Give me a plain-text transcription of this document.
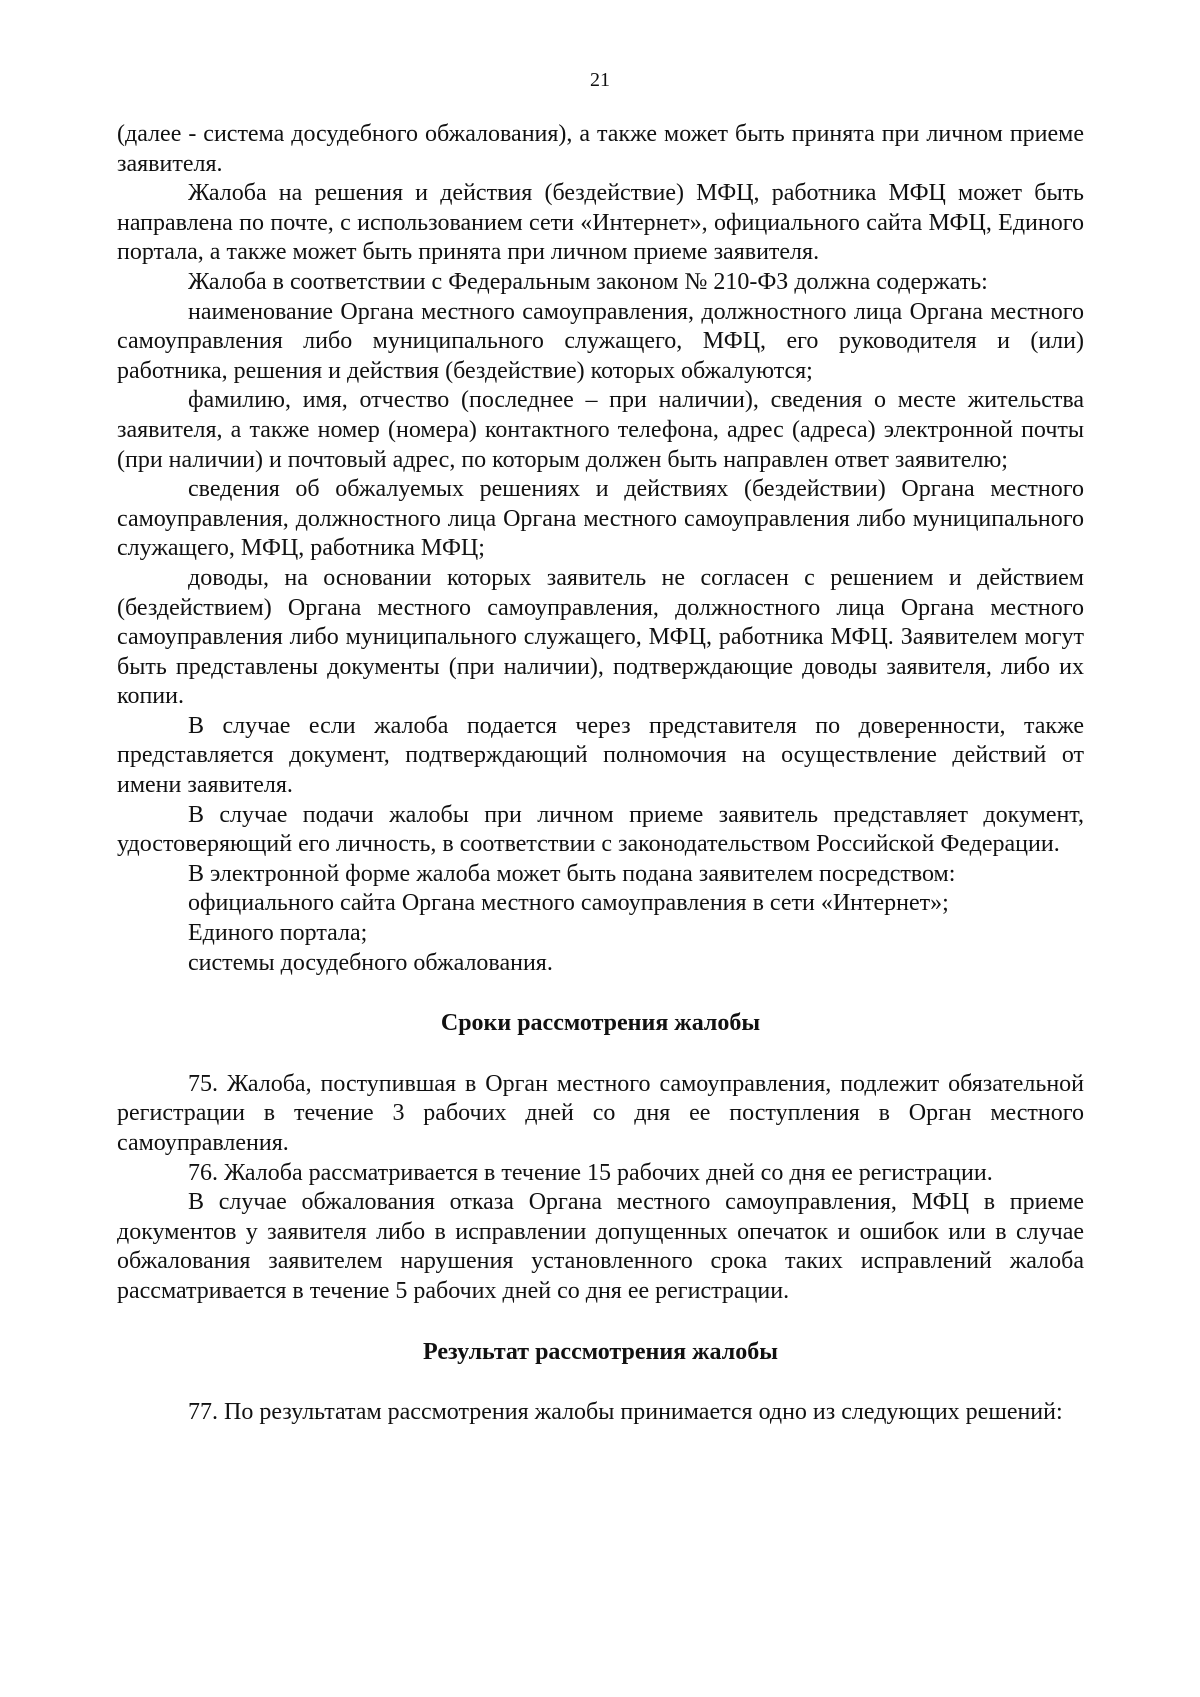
21

(далее - система досудебного обжалования), а также может быть принята при личном приеме заявителя.

Жалоба на решения и действия (бездействие) МФЦ, работника МФЦ может быть направлена по почте, с использованием сети «Интернет», официального сайта МФЦ, Единого портала, а также может быть принята при личном приеме заявителя.

Жалоба в соответствии с Федеральным законом № 210-ФЗ должна содержать:

наименование Органа местного самоуправления, должностного лица Органа местного самоуправления либо муниципального служащего, МФЦ, его руководителя и (или) работника, решения и действия (бездействие) которых обжалуются;

фамилию, имя, отчество (последнее – при наличии), сведения о месте жительства заявителя, а также номер (номера) контактного телефона, адрес (адреса) электронной почты (при наличии) и почтовый адрес, по которым должен быть направлен ответ заявителю;

сведения об обжалуемых решениях и действиях (бездействии) Органа местного самоуправления, должностного лица Органа местного самоуправления либо муниципального служащего, МФЦ, работника МФЦ;

доводы, на основании которых заявитель не согласен с решением и действием (бездействием) Органа местного самоуправления, должностного лица Органа местного самоуправления либо муниципального служащего, МФЦ, работника МФЦ. Заявителем могут быть представлены документы (при наличии), подтверждающие доводы заявителя, либо их копии.

В случае если жалоба подается через представителя по доверенности, также представляется документ, подтверждающий полномочия на осуществление действий от имени заявителя.

В случае подачи жалобы при личном приеме заявитель представляет документ, удостоверяющий его личность, в соответствии с законодательством Российской Федерации.

В электронной форме жалоба может быть подана заявителем посредством:

официального сайта Органа местного самоуправления в сети «Интернет»;

Единого портала;

системы досудебного обжалования.

Сроки рассмотрения жалобы

75. Жалоба, поступившая в Орган местного самоуправления, подлежит обязательной регистрации в течение 3 рабочих дней со дня ее поступления в Орган местного самоуправления.

76. Жалоба рассматривается в течение 15 рабочих дней со дня ее регистрации.

В случае обжалования отказа Органа местного самоуправления, МФЦ в приеме документов у заявителя либо в исправлении допущенных опечаток и ошибок или в случае обжалования заявителем нарушения установленного срока таких исправлений жалоба рассматривается в течение 5 рабочих дней со дня ее регистрации.

Результат рассмотрения жалобы

77. По результатам рассмотрения жалобы принимается одно из следующих решений:
